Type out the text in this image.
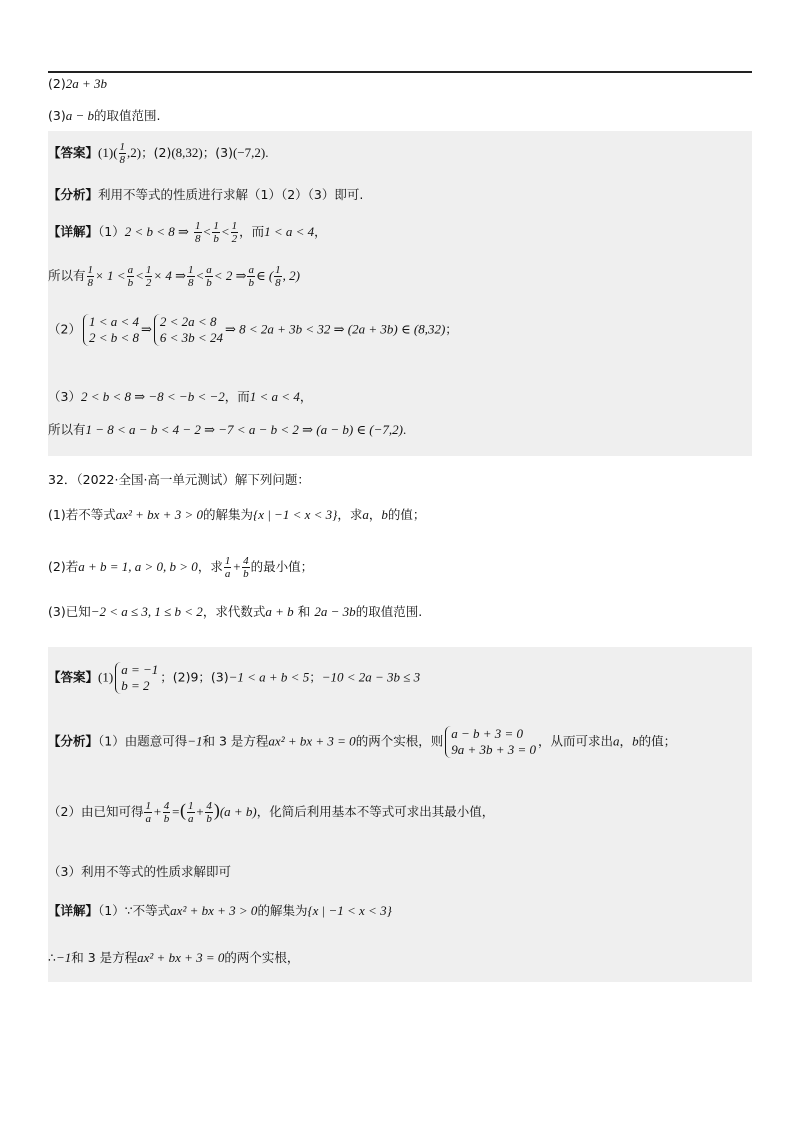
(2)2a + 3b
(3)a − b的取值范围.
【答案】$(1)( \frac{1}{8} ,2)$；(2)(8,32)；(3)(−7,2).
【分析】利用不等式的性质进行求解（1）（2）（3）即可.
【详解】（1）2 < b < 8 ⇒ $\frac{1}{8} < \frac{1}{b} < \frac{1}{2}$ ，而1 < a < 4，
所以有 $\frac{1}{8} \times 1 < \frac{a}{b} < \frac{1}{2} \times 4$ ⇒ $\frac{1}{8} < \frac{a}{b} < 2$ ⇒ $\frac{a}{b}$ ∈ ( $\frac{1}{8}$ , 2)
（2） 1 < a < 4
2 < b < 8
⇒ 2 < 2a < 8
6 < 3b < 24
⇒ 8 < 2a + 3b < 32 ⇒ (2a + 3b) ∈ (8,32)；
（3）2 < b < 8 ⇒ −8 < −b < −2，而1 < a < 4，
所以有1 − 8 < a − b < 4 − 2 ⇒ −7 < a − b < 2 ⇒ (a − b) ∈ (−7,2).
32．（2022·全国·高一单元测试）解下列问题：
(1)若不等式ax² + bx + 3 > 0的解集为{x | −1 < x < 3}，求a，b的值；
(2)若a + b = 1, a > 0, b > 0，求 $\frac{1}{a} + \frac{4}{b}$ 的最小值；
(3)已知−2 < a ≤ 3, 1 ≤ b < 2，求代数式a + b 和 2a − 3b的取值范围.
【答案】(1) a = −1
b = 2
；(2)9；(3)−1 < a + b < 5；−10 < 2a − 3b ≤ 3
【分析】（1）由题意可得−1和 3 是方程ax² + bx + 3 = 0的两个实根，则 a − b + 3 = 0
9a + 3b + 3 = 0
，从而可求出a，b的值；
（2）由已知可得 $\frac{1}{a} + \frac{4}{b}$ =( $\frac{1}{a} + \frac{4}{b} )(a + b)$，化简后利用基本不等式可求出其最小值，
（3）利用不等式的性质求解即可
【详解】（1）∵不等式ax² + bx + 3 > 0的解集为{x | −1 < x < 3}
∴−1和 3 是方程ax² + bx + 3 = 0的两个实根，
